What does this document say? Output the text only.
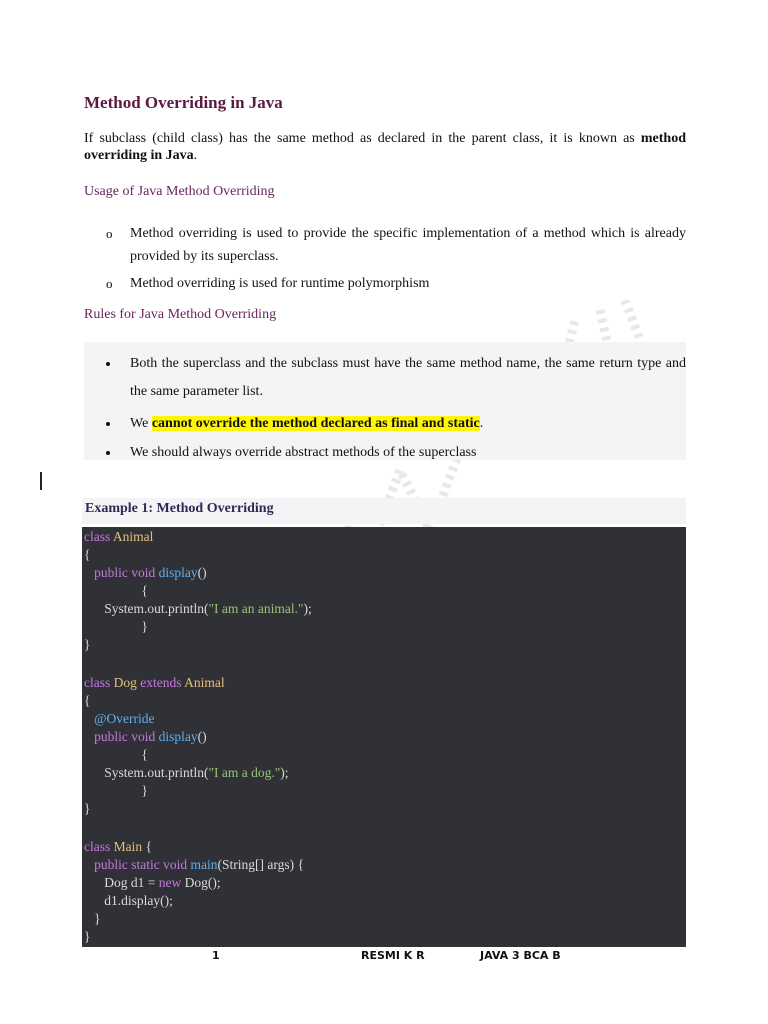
Method Overriding in Java
If subclass (child class) has the same method as declared in the parent class, it is known as method overriding in Java.
Usage of Java Method Overriding
o Method overriding is used to provide the specific implementation of a method which is already provided by its superclass.
o Method overriding is used for runtime polymorphism
Rules for Java Method Overriding
Both the superclass and the subclass must have the same method name, the same return type and the same parameter list.
We cannot override the method declared as final and static.
We should always override abstract methods of the superclass
Example 1: Method Overriding
class Animal
{
public void display()
{
System.out.println("I am an animal.");
}
}
class Dog extends Animal
{
@Override
public void display()
{
System.out.println("I am a dog.");
}
}
class Main {
public static void main(String[] args) {
Dog d1 = new Dog();
d1.display();
}
}
1	RESMI K R	JAVA 3 BCA B
